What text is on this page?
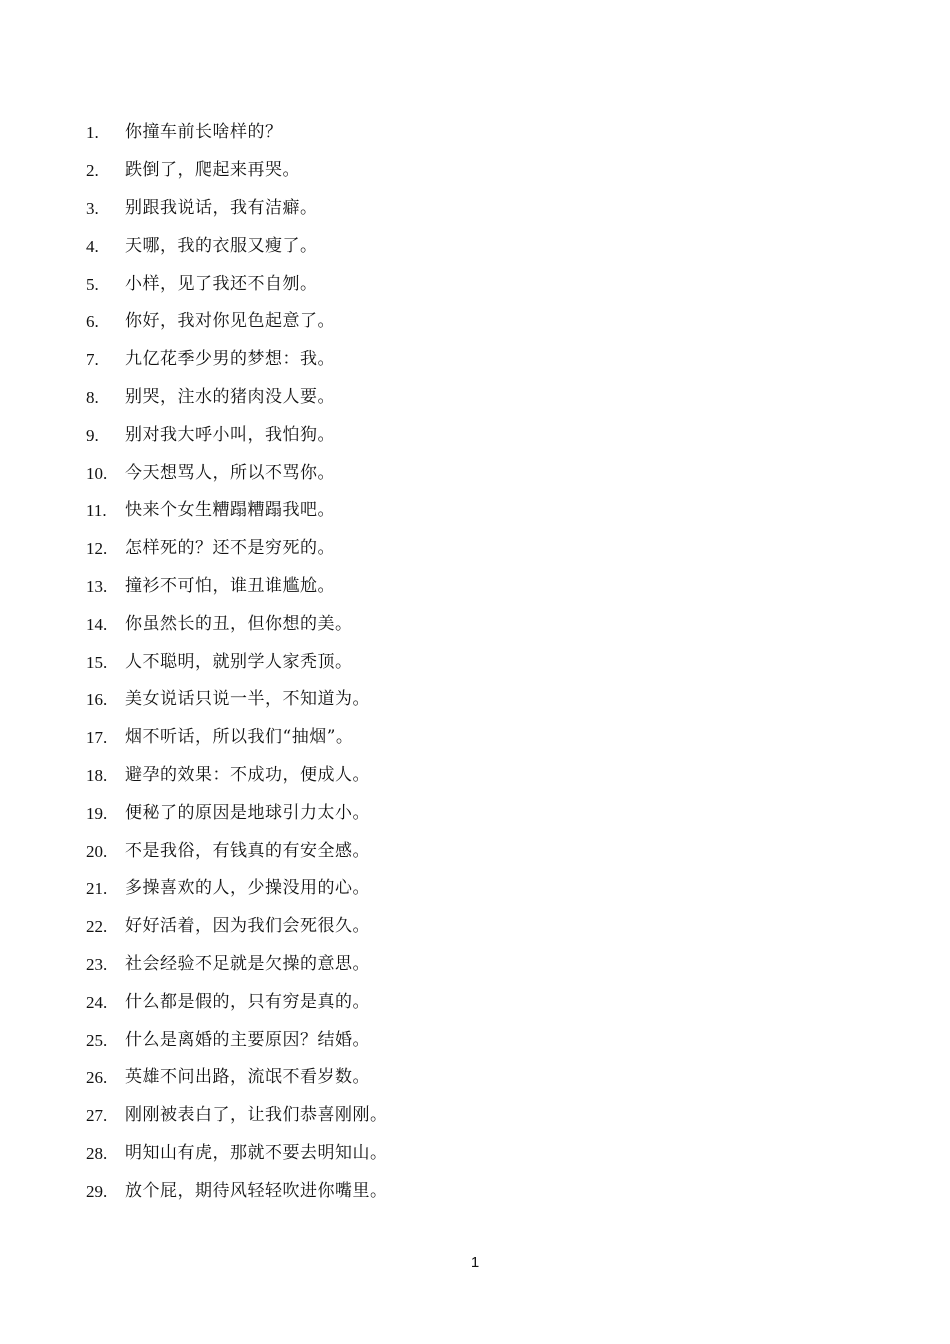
1.	你撞车前长啥样的？
2.	跌倒了，爬起来再哭。
3.	别跟我说话，我有洁癖。
4.	天哪，我的衣服又瘦了。
5.	小样，见了我还不自刎。
6.	你好，我对你见色起意了。
7.	九亿花季少男的梦想：我。
8.	别哭，注水的猪肉没人要。
9.	别对我大呼小叫，我怕狗。
10.	今天想骂人，所以不骂你。
11.	快来个女生糟蹋糟蹋我吧。
12.	怎样死的？还不是穷死的。
13.	撞衫不可怕，谁丑谁尴尬。
14.	你虽然长的丑，但你想的美。
15.	人不聪明，就别学人家秃顶。
16.	美女说话只说一半，不知道为。
17.	烟不听话，所以我们“抽烟”。
18.	避孕的效果：不成功，便成人。
19.	便秘了的原因是地球引力太小。
20.	不是我俗，有钱真的有安全感。
21.	多操喜欢的人，少操没用的心。
22.	好好活着，因为我们会死很久。
23.	社会经验不足就是欠操的意思。
24.	什么都是假的，只有穷是真的。
25.	什么是离婚的主要原因？结婚。
26.	英雄不问出路，流氓不看岁数。
27.	刚刚被表白了，让我们恭喜刚刚。
28.	明知山有虎，那就不要去明知山。
29.	放个屁，期待风轻轻吹进你嘴里。
1
